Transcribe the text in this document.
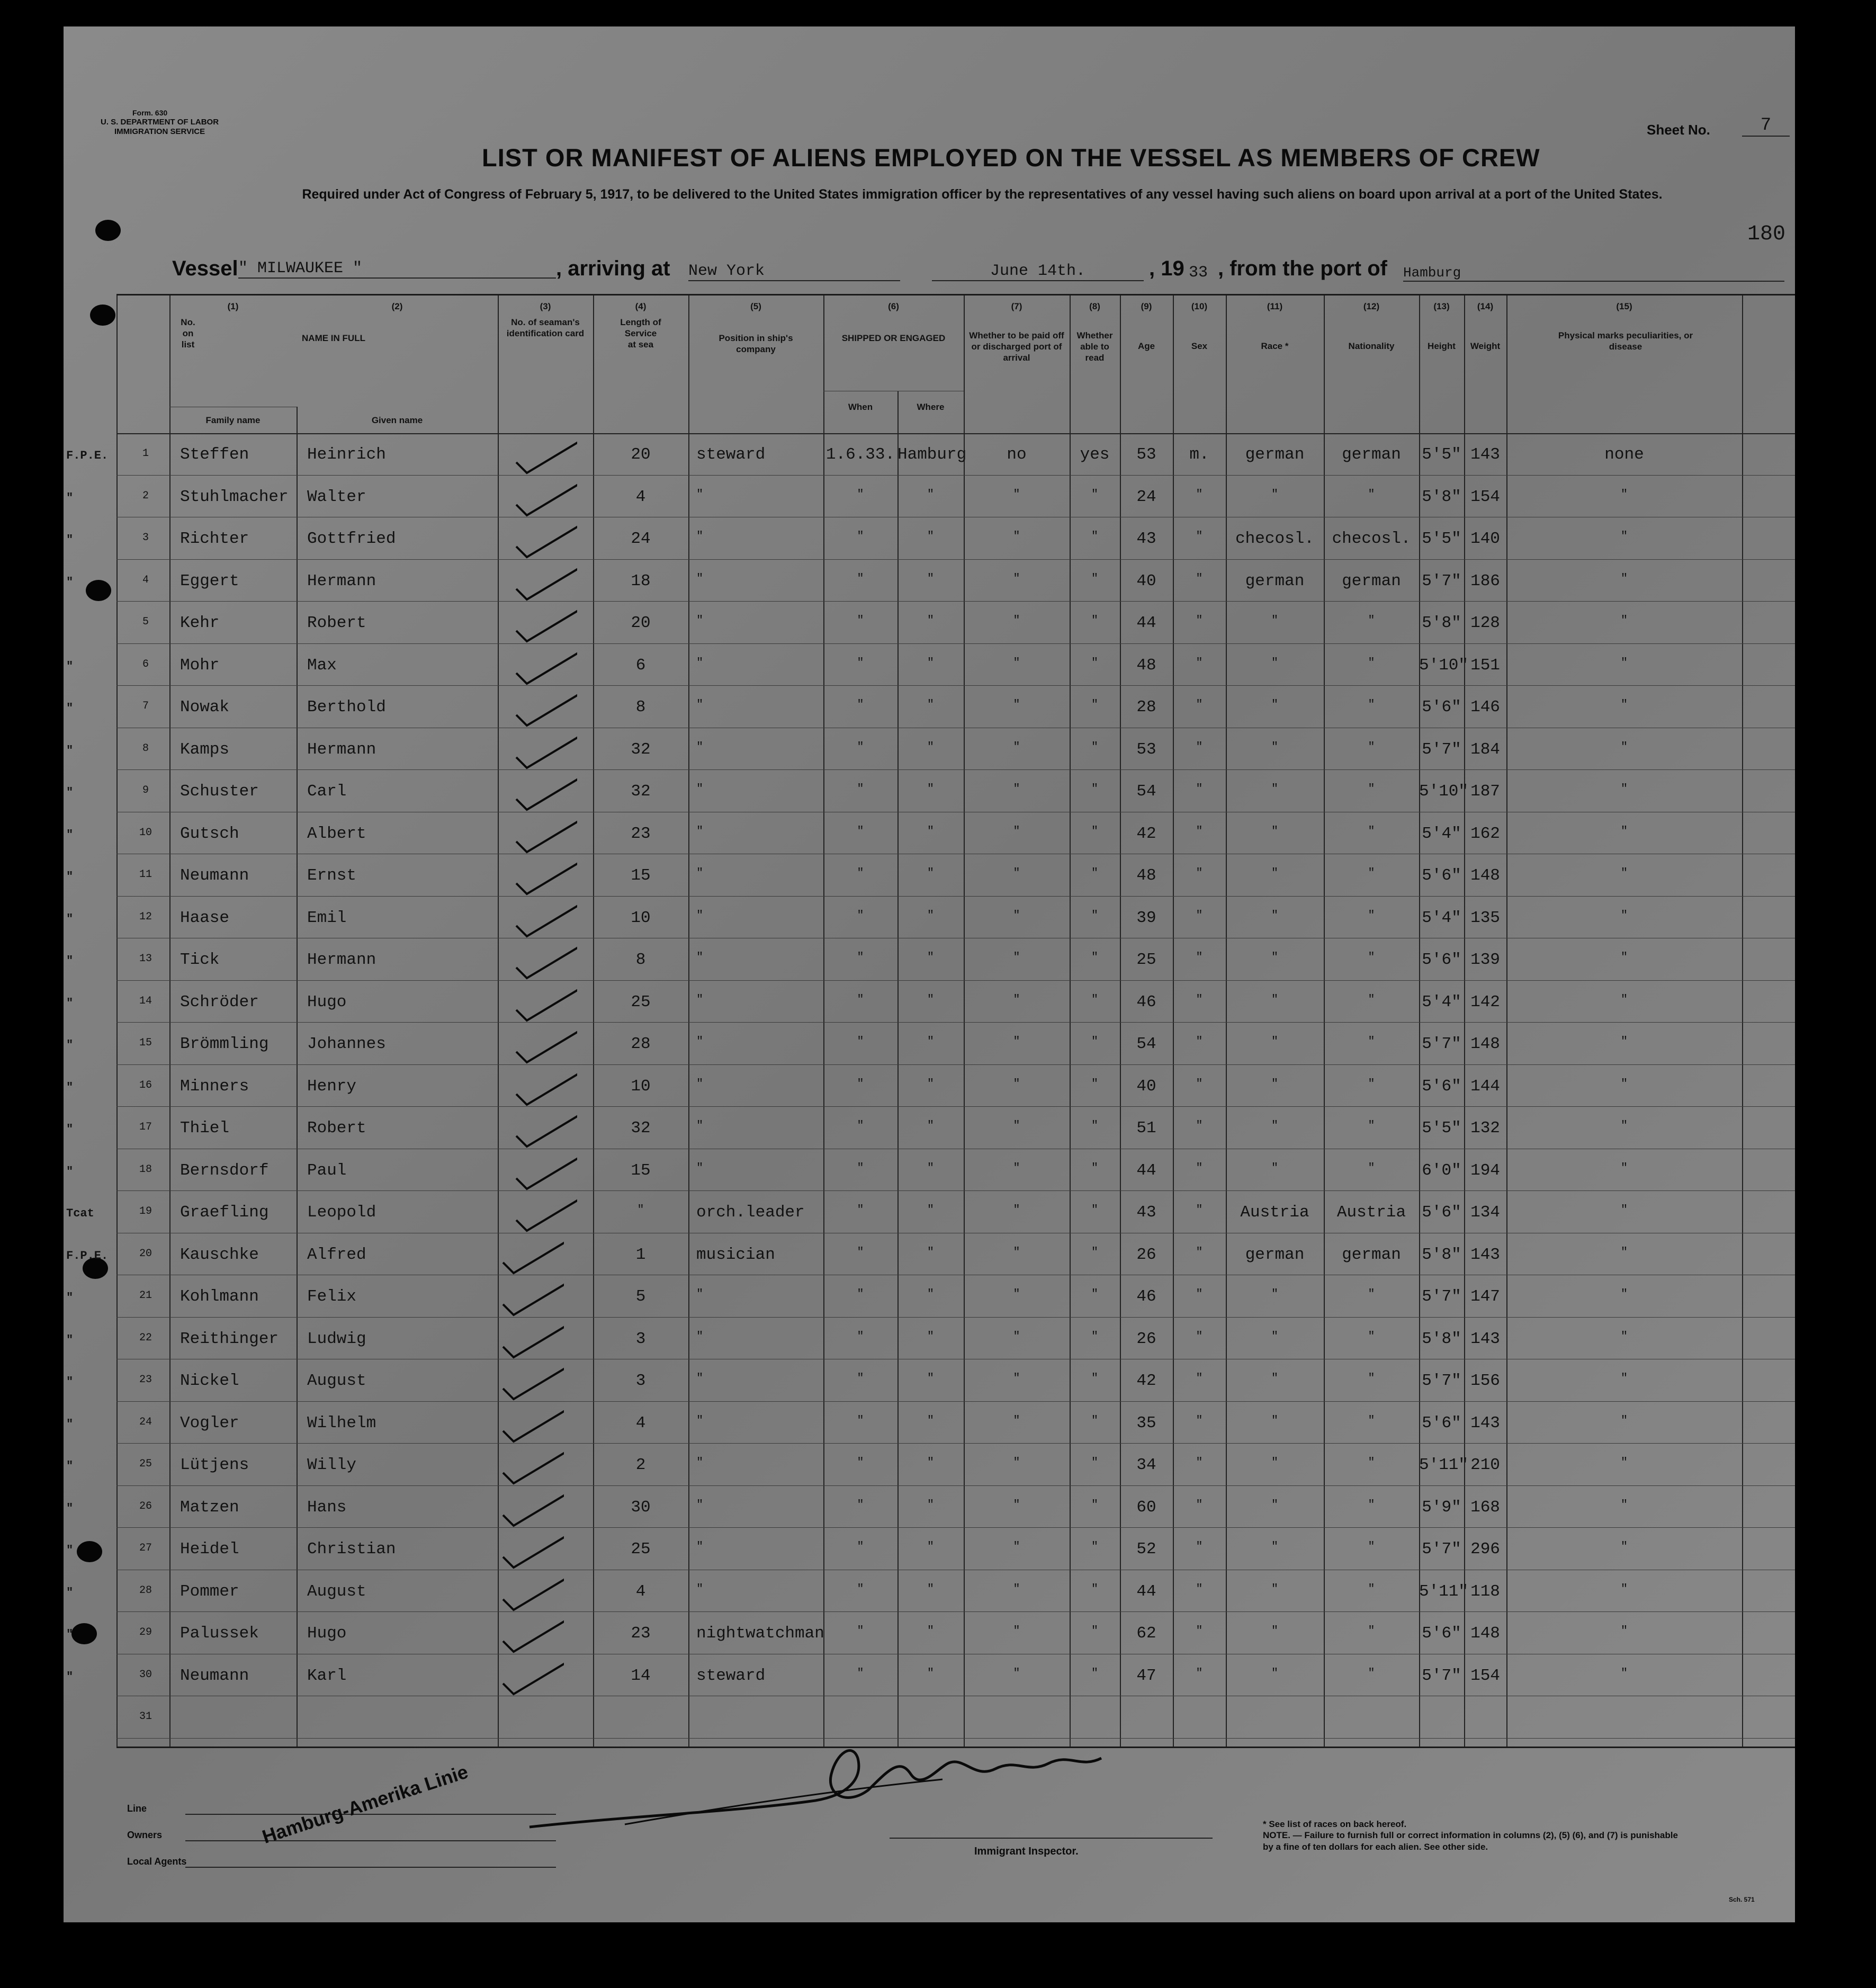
Form. 630
U. S. DEPARTMENT OF LABOR
IMMIGRATION SERVICE	Sheet No.	7
LIST OR MANIFEST OF ALIENS EMPLOYED ON THE VESSEL AS MEMBERS OF CREW
Required under Act of Congress of February 5, 1917, to be delivered to the United States immigration officer by the representatives of any vessel having such aliens on board upon arrival at a port of the United States.
180
Vessel " MILWAUKEE "	, arriving at New York	June 14th.	, 19 33 , from the port of Hamburg
(1)
No. on list
(2)
NAME IN FULL
Family name	Given name
(3)
No. of seaman's identification card
(4)
Length of Service at sea
(5)
Position in ship's company
(6)
SHIPPED OR ENGAGED
When	Where
(7)
Whether to be paid off or discharged port of arrival
(8)
Whether able to read
(9)
Age
(10)
Sex
(11)
Race *
(12)
Nationality
(13)
Height
(14)
Weight
(15)
Physical marks peculiarities, or disease
1
F.P.E.	Steffen	Heinrich	20	steward	1.6.33. Hamburg	no	yes	53	m.	german	german	5'5" 143	none
2
"	Stuhlmacher Walter	4	"	"	"	"	"	24	"	"	"	5'8" 154	"
3
"	Richter	Gottfried	24	"	"	"	"	"	43	"	checosl.	checosl. 5'5" 140	"
4
"	Eggert	Hermann	18	"	"	"	"	"	40	"	german	german	5'7" 186	"
5	Kehr	Robert	20	"	"	"	"	"	44	"	"	"	5'8" 128	"
6
"	Mohr	Max	6	"	"	"	"	"	48	"	"	"	5'10" 151	"
7
"	Nowak	Berthold	8	"	"	"	"	"	28	"	"	"	5'6" 146	"
8
"	Kamps	Hermann	32	"	"	"	"	"	53	"	"	"	5'7" 184	"
9
"	Schuster	Carl	32	"	"	"	"	"	54	"	"	"	5'10" 187	"
10
"	Gutsch	Albert	23	"	"	"	"	"	42	"	"	"	5'4" 162	"
11
"	Neumann	Ernst	15	"	"	"	"	"	48	"	"	"	5'6" 148	"
12
"	Haase	Emil	10	"	"	"	"	"	39	"	"	"	5'4" 135	"
13
"	Tick	Hermann	8	"	"	"	"	"	25	"	"	"	5'6" 139	"
14
"	Schröder	Hugo	25	"	"	"	"	"	46	"	"	"	5'4" 142	"
15
"	Brömmling Johannes	28	"	"	"	"	"	54	"	"	"	5'7" 148	"
16
"	Minners	Henry	10	"	"	"	"	"	40	"	"	"	5'6" 144	"
17
"	Thiel	Robert	32	"	"	"	"	"	51	"	"	"	5'5" 132	"
18
"	Bernsdorf Paul	15	"	"	"	"	"	44	"	"	"	6'0" 194	"
19
Tcat	Graefling Leopold	"	orch.leader	"	"	"	"	43	"	Austria	Austria 5'6" 134	"
20
F.P.E.	Kauschke	Alfred	1	musician	"	"	"	"	26	"	german	german	5'8" 143	"
21
"	Kohlmann	Felix	5	"	"	"	"	"	46	"	"	"	5'7" 147	"
22
"	Reithinger Ludwig	3	"	"	"	"	"	26	"	"	"	5'8" 143	"
23
"	Nickel	August	3	"	"	"	"	"	42	"	"	"	5'7" 156	"
24
"	Vogler	Wilhelm	4	"	"	"	"	"	35	"	"	"	5'6" 143	"
25
"	Lütjens	Willy	2	"	"	"	"	"	34	"	"	"	5'11" 210	"
26
"	Matzen	Hans	30	"	"	"	"	"	60	"	"	"	5'9" 168	"
27
"	Heidel	Christian	25	"	"	"	"	"	52	"	"	"	5'7" 296	"
28
"	Pommer	August	4	"	"	"	"	"	44	"	"	"	5'11" 118	"
29
"	Palussek	Hugo	23	nightwatchman	"	"	"	"	62	"	"	"	5'6" 148	"
30
"	Neumann	Karl	14	steward	"	"	"	"	47	"	"	"	5'7" 154	"
31
Line
Owners
Local Agents
Hamburg-Amerika Linie
Immigrant Inspector.
* See list of races on back hereof.
NOTE. — Failure to furnish full or correct information in columns (2), (5) (6), and (7) is punishable by a fine of ten dollars for each alien. See other side.
Sch. 571
